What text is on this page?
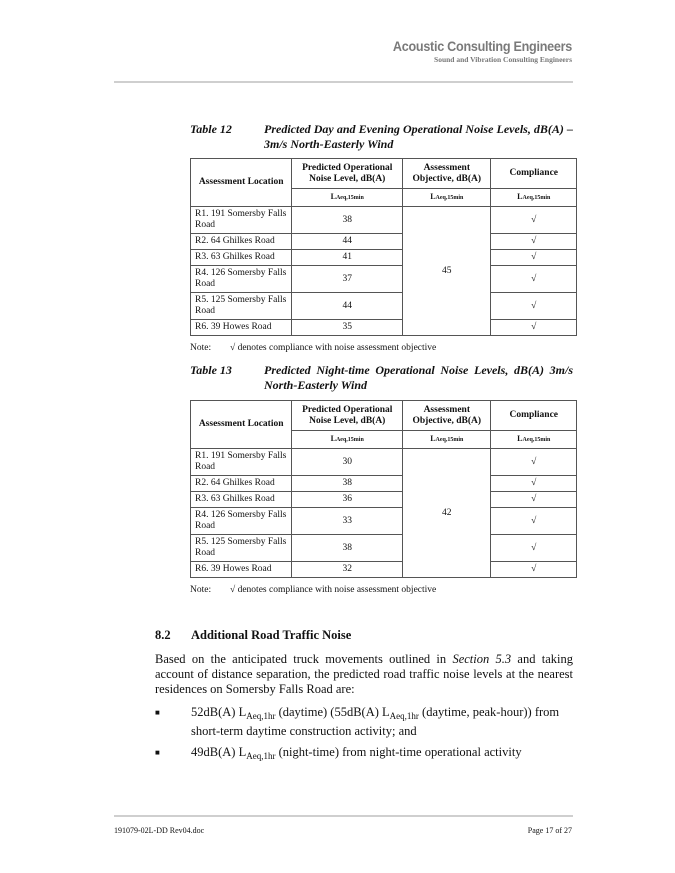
Acoustic Consulting Engineers
Sound and Vibration Consulting Engineers
Table 12	Predicted Day and Evening Operational Noise Levels, dB(A) – 3m/s North-Easterly Wind
Assessment Location	Predicted Operational Noise Level, dB(A)	Assessment Objective, dB(A)	Compliance
	LAeq,15min	LAeq,15min	LAeq,15min
R1. 191 Somersby Falls Road	38	45	√
R2. 64 Ghilkes Road	44		√
R3. 63 Ghilkes Road	41		√
R4. 126 Somersby Falls Road	37		√
R5. 125 Somersby Falls Road	44		√
R6. 39 Howes Road	35		√
Note: √ denotes compliance with noise assessment objective
Table 13	Predicted Night-time Operational Noise Levels, dB(A) 3m/s North-Easterly Wind
Assessment Location	Predicted Operational Noise Level, dB(A)	Assessment Objective, dB(A)	Compliance
	LAeq,15min	LAeq,15min	LAeq,15min
R1. 191 Somersby Falls Road	30	42	√
R2. 64 Ghilkes Road	38		√
R3. 63 Ghilkes Road	36		√
R4. 126 Somersby Falls Road	33		√
R5. 125 Somersby Falls Road	38		√
R6. 39 Howes Road	32		√
Note: √ denotes compliance with noise assessment objective
8.2 Additional Road Traffic Noise
Based on the anticipated truck movements outlined in Section 5.3 and taking account of distance separation, the predicted road traffic noise levels at the nearest residences on Somersby Falls Road are:
■ 52dB(A) $L_{Aeq,1hr}$ (daytime) (55dB(A) $L_{Aeq,1hr}$ (daytime, peak-hour)) from short-term daytime construction activity; and
■ 49dB(A) $L_{Aeq,1hr}$ (night-time) from night-time operational activity
191079-02L-DD Rev04.doc	Page 17 of 27
